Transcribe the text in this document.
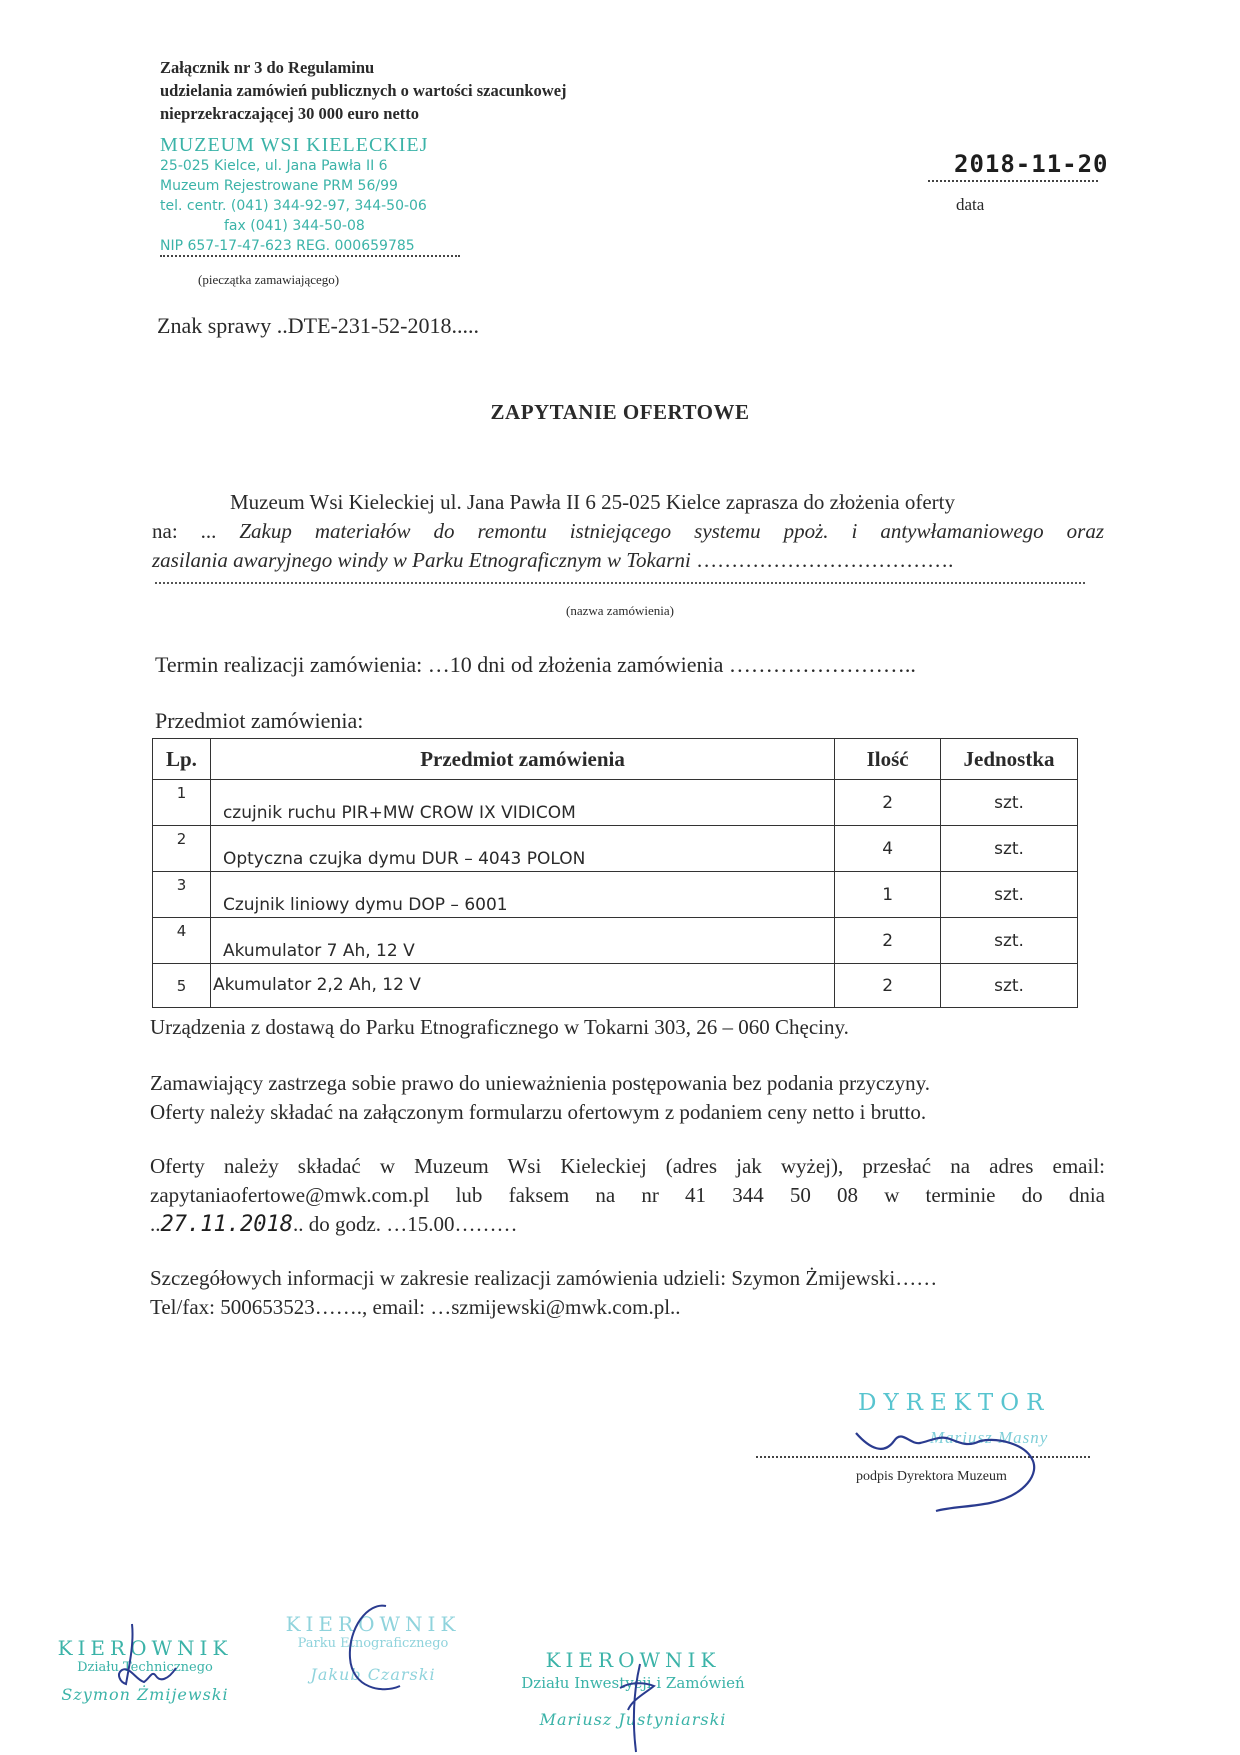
Załącznik nr 3 do Regulaminu
udzielania zamówień publicznych o wartości szacunkowej
nieprzekraczającej 30 000 euro netto
MUZEUM WSI KIELECKIEJ
25-025 Kielce, ul. Jana Pawła II 6
Muzeum Rejestrowane PRM 56/99
tel. centr. (041) 344-92-97, 344-50-06
fax (041) 344-50-08
NIP 657-17-47-623 REG. 000659785
(pieczątka zamawiającego)
2018-11-20
data
Znak sprawy ..DTE-231-52-2018.....
ZAPYTANIE OFERTOWE
Muzeum Wsi Kieleckiej ul. Jana Pawła II 6 25-025 Kielce zaprasza do złożenia oferty
na: ... Zakup materiałów do remontu istniejącego systemu ppoż. i antywłamaniowego oraz
zasilania awaryjnego windy w Parku Etnograficznym w Tokarni ……………………………….
(nazwa zamówienia)
Termin realizacji zamówienia: …10 dni od złożenia zamówienia ……………………..
Przedmiot zamówienia:
Lp.	Przedmiot zamówienia	Ilość	Jednostka
1	czujnik ruchu PIR+MW CROW IX VIDICOM	2	szt.
2	Optyczna czujka dymu DUR – 4043 POLON	4	szt.
3	Czujnik liniowy dymu DOP – 6001	1	szt.
4	Akumulator 7 Ah, 12 V	2	szt.
5	Akumulator 2,2 Ah, 12 V	2	szt.
Urządzenia z dostawą do Parku Etnograficznego w Tokarni 303, 26 – 060 Chęciny.
Zamawiający zastrzega sobie prawo do unieważnienia postępowania bez podania przyczyny.
Oferty należy składać na załączonym formularzu ofertowym z podaniem ceny netto i brutto.
Oferty należy składać w Muzeum Wsi Kieleckiej (adres jak wyżej), przesłać na adres email:
zapytaniaofertowe@mwk.com.pl lub faksem na nr 41 344 50 08 w terminie do dnia
..27.11.2018.. do godz. …15.00………
Szczegółowych informacji w zakresie realizacji zamówienia udzieli: Szymon Żmijewski……
Tel/fax: 500653523……., email: …szmijewski@mwk.com.pl..
DYREKTOR
Mariusz Masny
podpis Dyrektora Muzeum
KIEROWNIK
Działu Technicznego
Szymon Żmijewski
KIEROWNIK
Parku Etnograficznego
Jakub Czarski
KIEROWNIK
Działu Inwestycji i Zamówień
Mariusz Justyniarski
